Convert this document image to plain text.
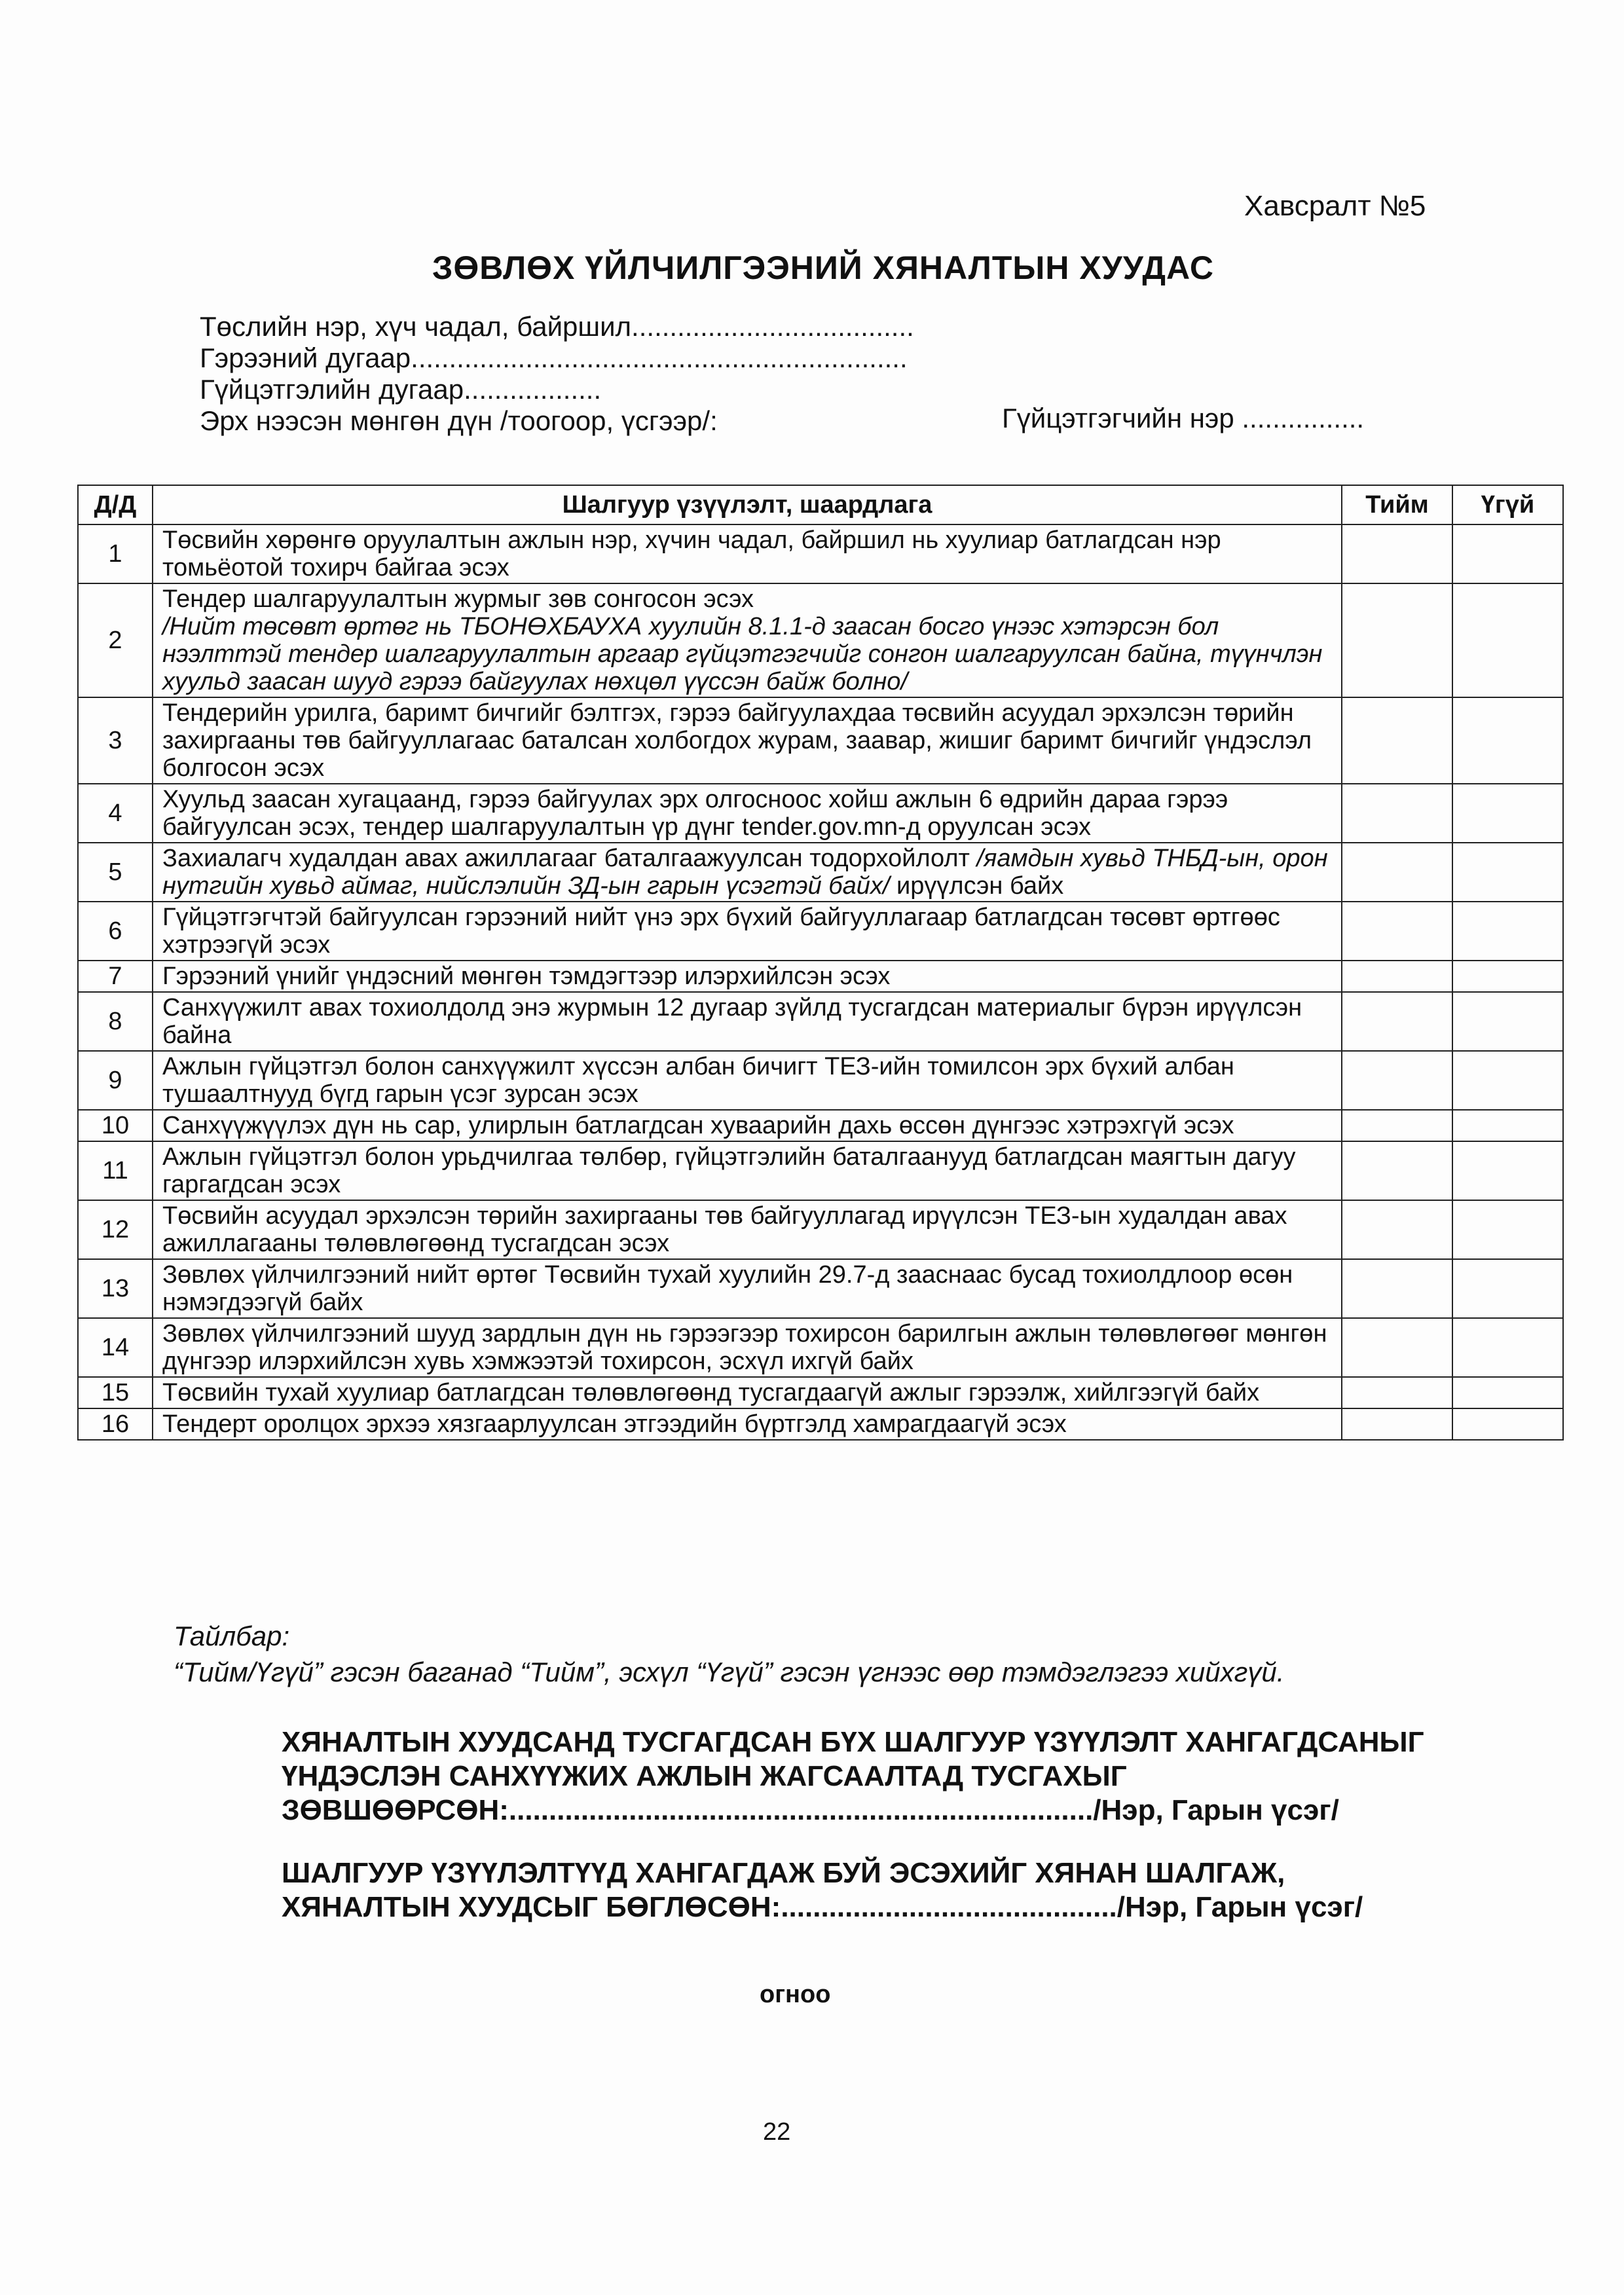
Хавсралт №5
ЗӨВЛӨХ ҮЙЛЧИЛГЭЭНИЙ ХЯНАЛТЫН ХУУДАС
Төслийн нэр, хүч чадал, байршил.....................................
Гэрээний дугаар.................................................................
Гүйцэтгэлийн дугаар..................
Эрх нээсэн мөнгөн дүн /тоогоор, үсгээр/:	Гүйцэтгэгчийн нэр ................
Д/Д	Шалгуур үзүүлэлт, шаардлага	Тийм	Үгүй
1	Төсвийн хөрөнгө оруулалтын ажлын нэр, хүчин чадал, байршил нь хуулиар батлагдсан нэр томьёотой тохирч байгаа эсэх		
2	Тендер шалгаруулалтын журмыг зөв сонгосон эсэх
/Нийт төсөвт өртөг нь ТБОНӨХБАУХА хуулийн 8.1.1-д заасан босго үнээс хэтэрсэн бол нээлттэй тендер шалгаруулалтын аргаар гүйцэтгэгчийг сонгон шалгаруулсан байна, түүнчлэн хуульд заасан шууд гэрээ байгуулах нөхцөл үүссэн байж болно/		
3	Тендерийн урилга, баримт бичгийг бэлтгэх, гэрээ байгуулахдаа төсвийн асуудал эрхэлсэн төрийн захиргааны төв байгууллагаас баталсан холбогдох журам, заавар, жишиг баримт бичгийг үндэслэл болгосон эсэх		
4	Хуульд заасан хугацаанд, гэрээ байгуулах эрх олгосноос хойш ажлын 6 өдрийн дараа гэрээ байгуулсан эсэх, тендер шалгаруулалтын үр дүнг tender.gov.mn-д оруулсан эсэх		
5	Захиалагч худалдан авах ажиллагааг баталгаажуулсан тодорхойлолт /яамдын хувьд ТНБД-ын, орон нутгийн хувьд аймаг, нийслэлийн ЗД-ын гарын үсэгтэй байх/ ирүүлсэн байх		
6	Гүйцэтгэгчтэй байгуулсан гэрээний нийт үнэ эрх бүхий байгууллагаар батлагдсан төсөвт өртгөөс хэтрээгүй эсэх		
7	Гэрээний үнийг үндэсний мөнгөн тэмдэгтээр илэрхийлсэн эсэх		
8	Санхүүжилт авах тохиолдолд энэ журмын 12 дугаар зүйлд тусгагдсан материалыг бүрэн ирүүлсэн байна		
9	Ажлын гүйцэтгэл болон санхүүжилт хүссэн албан бичигт ТЕЗ-ийн томилсон эрх бүхий албан тушаалтнууд бүгд гарын үсэг зурсан эсэх		
10	Санхүүжүүлэх дүн нь сар, улирлын батлагдсан хуваарийн дахь өссөн дүнгээс хэтрэхгүй эсэх		
11	Ажлын гүйцэтгэл болон урьдчилгаа төлбөр, гүйцэтгэлийн баталгаанууд батлагдсан маягтын дагуу гаргагдсан эсэх		
12	Төсвийн асуудал эрхэлсэн төрийн захиргааны төв байгууллагад ирүүлсэн ТЕЗ-ын худалдан авах ажиллагааны төлөвлөгөөнд тусгагдсан эсэх		
13	Зөвлөх үйлчилгээний нийт өртөг Төсвийн тухай хуулийн 29.7-д зааснаас бусад тохиолдлоор өсөн нэмэгдээгүй байх		
14	Зөвлөх үйлчилгээний шууд зардлын дүн нь гэрээгээр тохирсон барилгын ажлын төлөвлөгөөг мөнгөн дүнгээр илэрхийлсэн хувь хэмжээтэй тохирсон, эсхүл ихгүй байх		
15	Төсвийн тухай хуулиар батлагдсан төлөвлөгөөнд тусгагдаагүй ажлыг гэрээлж, хийлгээгүй байх		
16	Тендерт оролцох эрхээ хязгаарлуулсан этгээдийн бүртгэлд хамрагдаагүй эсэх		
Тайлбар:
“Тийм/Үгүй” гэсэн баганад “Тийм”, эсхүл “Үгүй” гэсэн үгнээс өөр тэмдэглэгээ хийхгүй.
ХЯНАЛТЫН ХУУДСАНД ТУСГАГДСАН БҮХ ШАЛГУУР ҮЗҮҮЛЭЛТ ХАНГАГДСАНЫГ
ҮНДЭСЛЭН САНХҮҮЖИХ АЖЛЫН ЖАГСААЛТАД ТУСГАХЫГ
ЗӨВШӨӨРСӨН:........................................................................./Нэр, Гарын үсэг/
ШАЛГУУР ҮЗҮҮЛЭЛТҮҮД ХАНГАГДАЖ БУЙ ЭСЭХИЙГ ХЯНАН ШАЛГАЖ,
ХЯНАЛТЫН ХУУДСЫГ БӨГЛӨСӨН:........................................../Нэр, Гарын үсэг/
огноо
22
